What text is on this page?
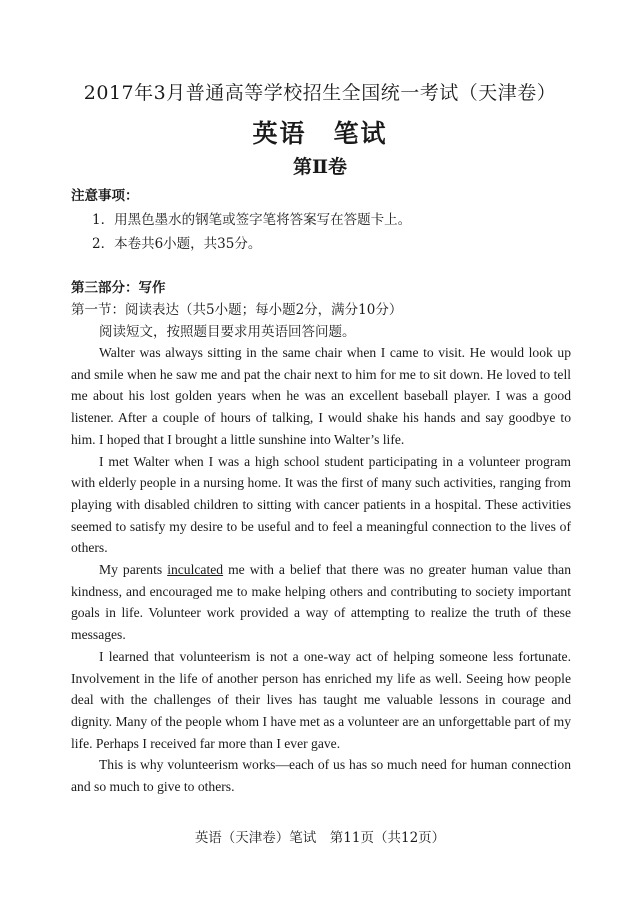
2017年3月普通高等学校招生全国统一考试（天津卷）
英语　笔试
第Ⅱ卷
注意事项：
1．用黑色墨水的钢笔或签字笔将答案写在答题卡上。
2．本卷共6小题，共35分。
第三部分：写作
第一节：阅读表达（共5小题；每小题2分，满分10分）
阅读短文，按照题目要求用英语回答问题。

Walter was always sitting in the same chair when I came to visit. He would look up and smile when he saw me and pat the chair next to him for me to sit down. He loved to tell me about his lost golden years when he was an excellent baseball player. I was a good listener. After a couple of hours of talking, I would shake his hands and say goodbye to him. I hoped that I brought a little sunshine into Walter’s life.

I met Walter when I was a high school student participating in a volunteer program with elderly people in a nursing home. It was the first of many such activities, ranging from playing with disabled children to sitting with cancer patients in a hospital. These activities seemed to satisfy my desire to be useful and to feel a meaningful connection to the lives of others.

My parents inculcated me with a belief that there was no greater human value than kindness, and encouraged me to make helping others and contributing to society important goals in life. Volunteer work provided a way of attempting to realize the truth of these messages.

I learned that volunteerism is not a one-way act of helping someone less fortunate. Involvement in the life of another person has enriched my life as well. Seeing how people deal with the challenges of their lives has taught me valuable lessons in courage and dignity. Many of the people whom I have met as a volunteer are an unforgettable part of my life. Perhaps I received far more than I ever gave.

This is why volunteerism works—each of us has so much need for human connection and so much to give to others.

英语（天津卷）笔试　第11页（共12页）
